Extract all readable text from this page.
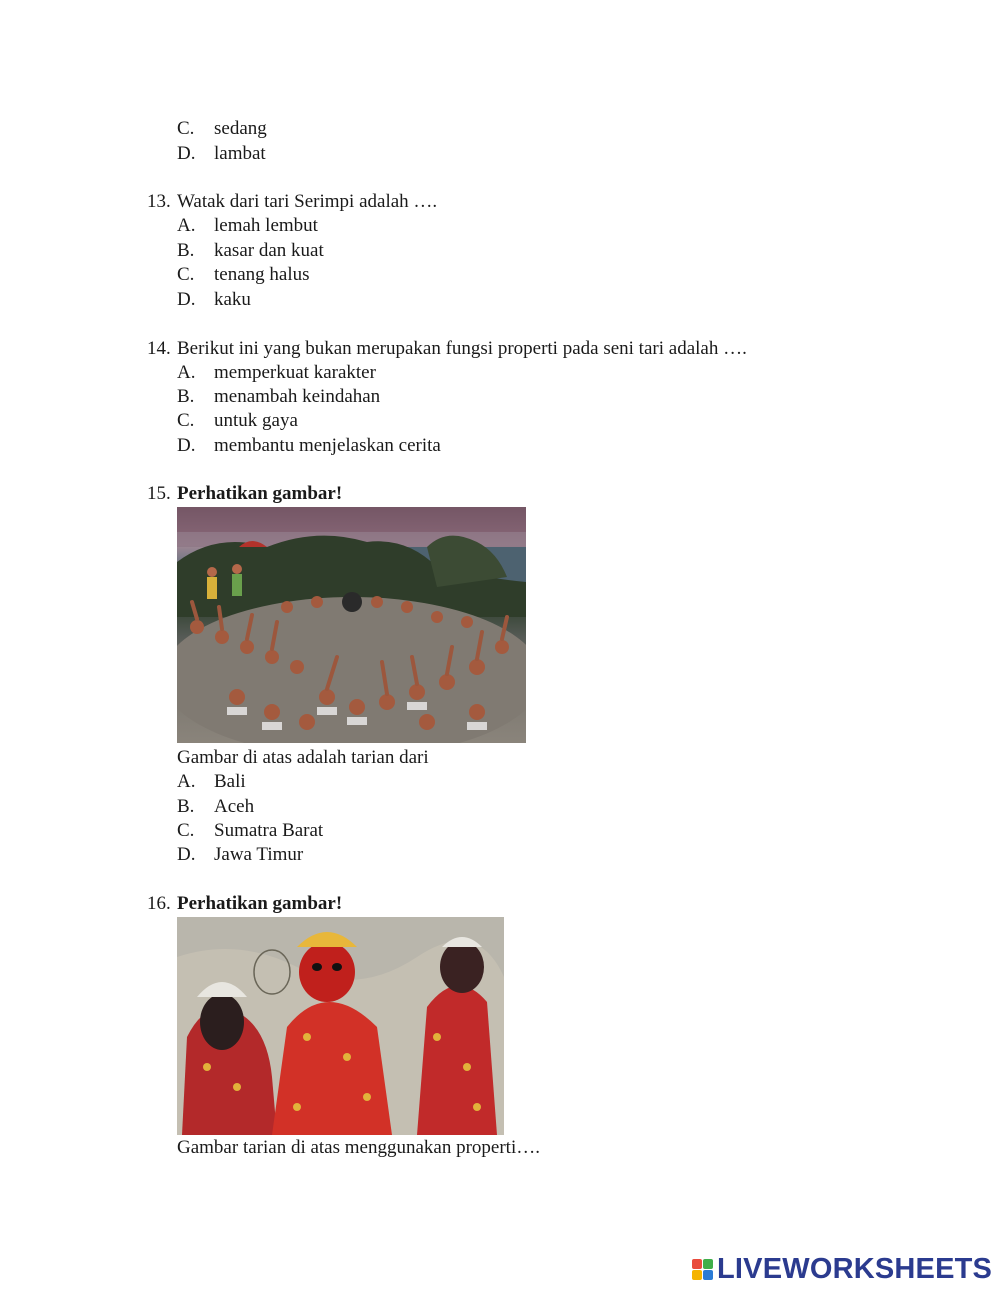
C. sedang
D. lambat
13. Watak dari tari Serimpi adalah ….
A. lemah lembut
B. kasar dan kuat
C. tenang halus
D. kaku
14. Berikut ini yang bukan merupakan fungsi properti pada seni tari adalah ….
A. memperkuat karakter
B. menambah keindahan
C. untuk gaya
D. membantu menjelaskan cerita
15. Perhatikan gambar!
Gambar di atas adalah tarian dari
A. Bali
B. Aceh
C. Sumatra Barat
D. Jawa Timur
16. Perhatikan gambar!
Gambar tarian di atas menggunakan properti….
LIVEWORKSHEETS
